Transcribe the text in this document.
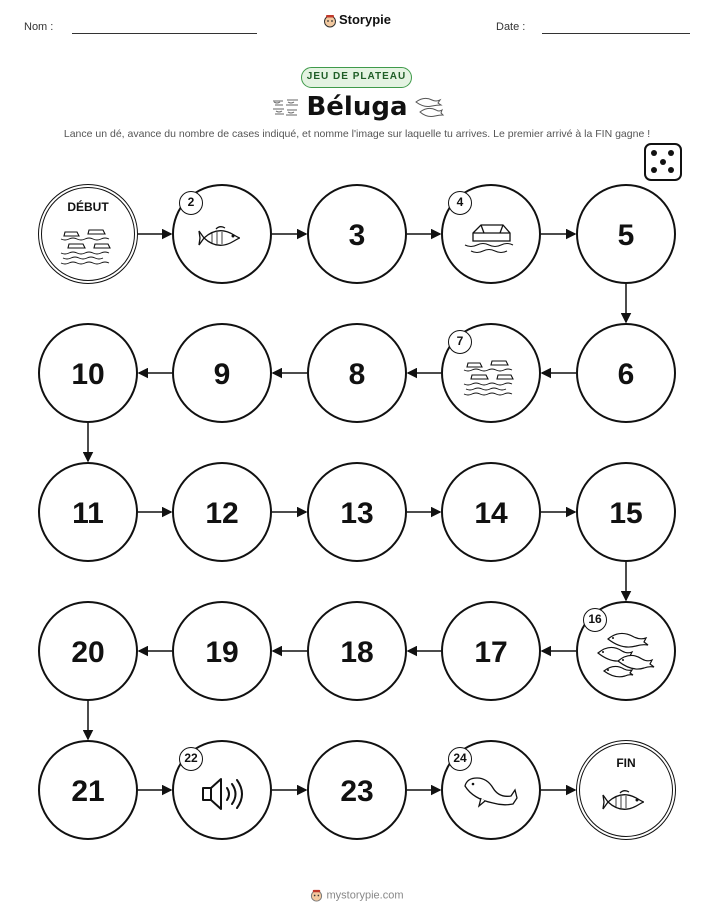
Nom :	Storypie	Date :
JEU DE PLATEAU
Béluga
Lance un dé, avance du nombre de cases indiqué, et nomme l'image sur laquelle tu arrives. Le premier arrivé à la FIN gagne !
DÉBUT	2
3
4
5
6
7
8
9
10
11	12	13	14	15
16
17
18
19
20
21
22
23
24	FIN
mystorypie.com
